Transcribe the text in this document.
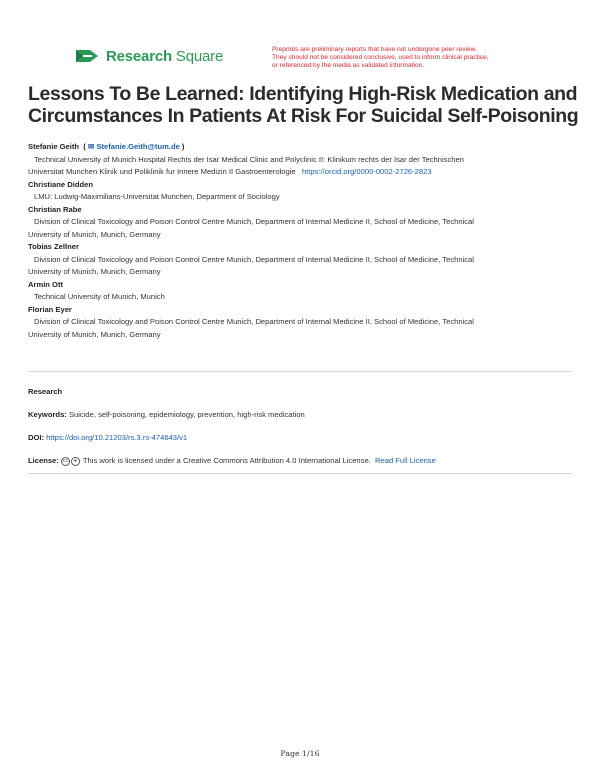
Research Square	Preprints are preliminary reports that have not undergone peer review.
They should not be considered conclusive, used to inform clinical practice,
or referenced by the media as validated information.
Lessons To Be Learned: Identifying High-Risk Medication and Circumstances In Patients At Risk For Suicidal Self-Poisoning
Stefanie Geith  ( ✉ Stefanie.Geith@tum.de )
Technical University of Munich Hospital Rechts der Isar Medical Clinic and Polyclinic II: Klinikum rechts der Isar der Technischen
Universitat Munchen Klinik und Poliklinik fur Innere Medizin II Gastroenterologie https://orcid.org/0000-0002-2726-2823
Christiane Didden
LMU: Ludwig-Maximilians-Universitat Munchen, Department of Sociology
Christian Rabe
Division of Clinical Toxicology and Poison Control Centre Munich, Department of Internal Medicine II, School of Medicine, Technical
University of Munich, Munich, Germany
Tobias Zellner
Division of Clinical Toxicology and Poison Control Centre Munich, Department of Internal Medicine II, School of Medicine, Technical
University of Munich, Munich, Germany
Armin Ott
Technical University of Munich, Munich
Florian Eyer
Division of Clinical Toxicology and Poison Control Centre Munich, Department of Internal Medicine II, School of Medicine, Technical
University of Munich, Munich, Germany
Research
Keywords: Suicide, self-poisoning, epidemiology, prevention, high-risk medication
DOI: https://doi.org/10.21203/rs.3.rs-474643/v1
License: cc ● This work is licensed under a Creative Commons Attribution 4.0 International License. Read Full License
Page 1/16
